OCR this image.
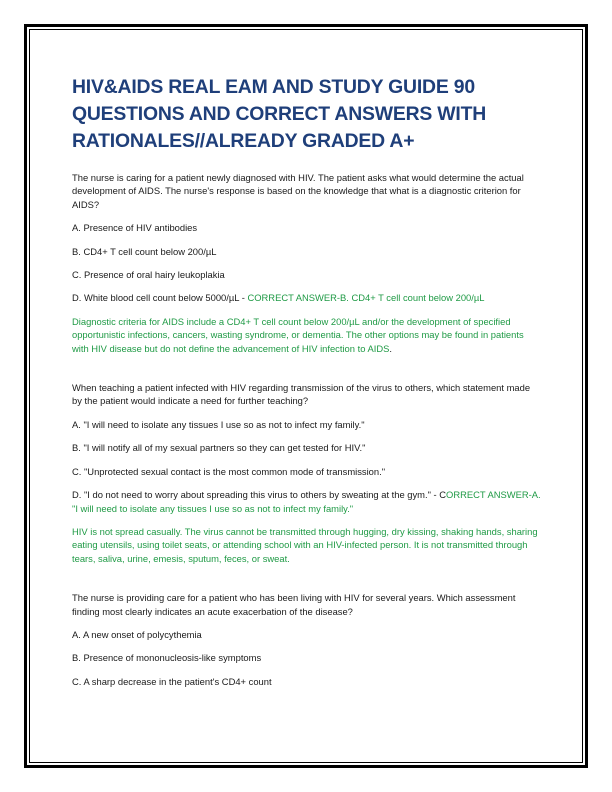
HIV&AIDS REAL EAM AND STUDY GUIDE 90 QUESTIONS AND CORRECT ANSWERS WITH RATIONALES//ALREADY GRADED A+

The nurse is caring for a patient newly diagnosed with HIV. The patient asks what would determine the actual development of AIDS. The nurse's response is based on the knowledge that what is a diagnostic criterion for AIDS?

A. Presence of HIV antibodies

B. CD4+ T cell count below 200/µL

C. Presence of oral hairy leukoplakia

D. White blood cell count below 5000/µL - CORRECT ANSWER-B. CD4+ T cell count below 200/µL

Diagnostic criteria for AIDS include a CD4+ T cell count below 200/µL and/or the development of specified opportunistic infections, cancers, wasting syndrome, or dementia. The other options may be found in patients with HIV disease but do not define the advancement of HIV infection to AIDS.

When teaching a patient infected with HIV regarding transmission of the virus to others, which statement made by the patient would indicate a need for further teaching?

A. "I will need to isolate any tissues I use so as not to infect my family."

B. "I will notify all of my sexual partners so they can get tested for HIV."

C. "Unprotected sexual contact is the most common mode of transmission."

D. "I do not need to worry about spreading this virus to others by sweating at the gym." - CORRECT ANSWER-A. "I will need to isolate any tissues I use so as not to infect my family."

HIV is not spread casually. The virus cannot be transmitted through hugging, dry kissing, shaking hands, sharing eating utensils, using toilet seats, or attending school with an HIV-infected person. It is not transmitted through tears, saliva, urine, emesis, sputum, feces, or sweat.

The nurse is providing care for a patient who has been living with HIV for several years. Which assessment finding most clearly indicates an acute exacerbation of the disease?

A. A new onset of polycythemia

B. Presence of mononucleosis-like symptoms

C. A sharp decrease in the patient's CD4+ count
